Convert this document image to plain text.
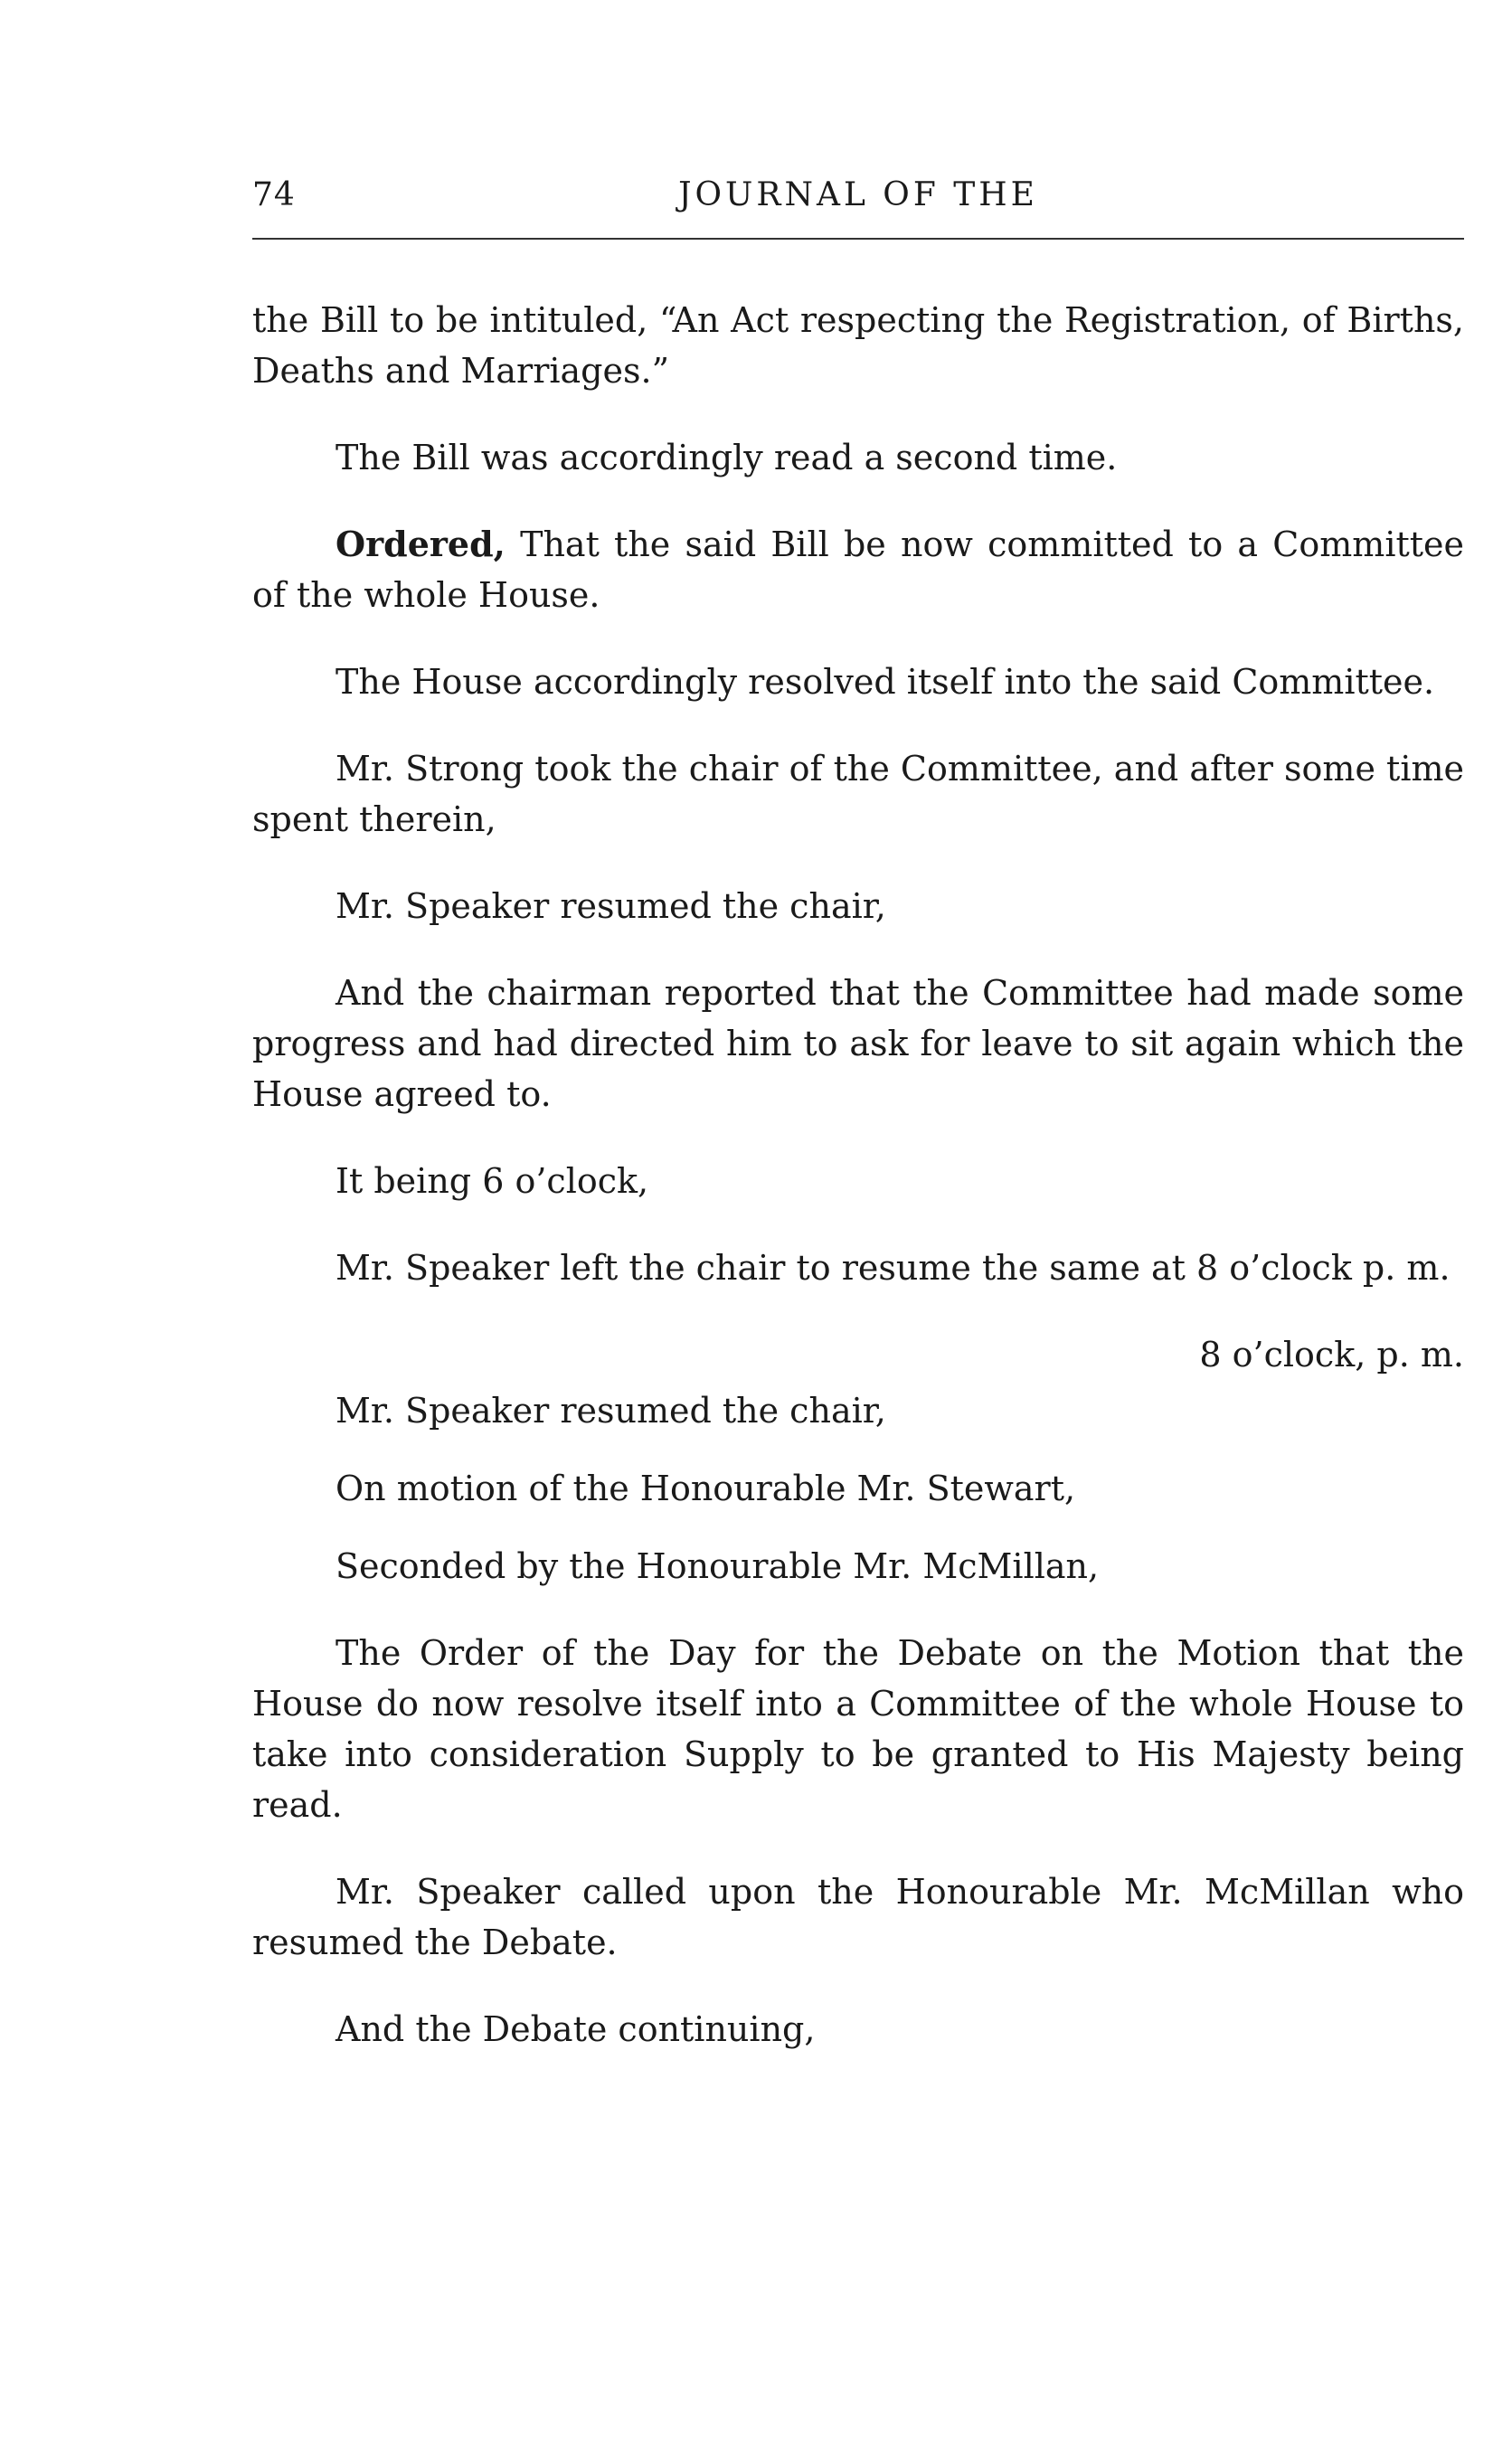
74	JOURNAL OF THE

the Bill to be intituled, “An Act respecting the Registration, of Births, Deaths and Marriages.”

The Bill was accordingly read a second time.

Ordered, That the said Bill be now committed to a Committee of the whole House.

The House accordingly resolved itself into the said Committee.

Mr. Strong took the chair of the Committee, and after some time spent therein,

Mr. Speaker resumed the chair,

And the chairman reported that the Committee had made some progress and had directed him to ask for leave to sit again which the House agreed to.

It being 6 o’clock,

Mr. Speaker left the chair to resume the same at 8 o’clock p. m.

8 o’clock, p. m.

Mr. Speaker resumed the chair,

On motion of the Honourable Mr. Stewart,

Seconded by the Honourable Mr. McMillan,

The Order of the Day for the Debate on the Motion that the House do now resolve itself into a Committee of the whole House to take into consideration Supply to be granted to His Majesty being read.

Mr. Speaker called upon the Honourable Mr. McMillan who resumed the Debate.

And the Debate continuing,
